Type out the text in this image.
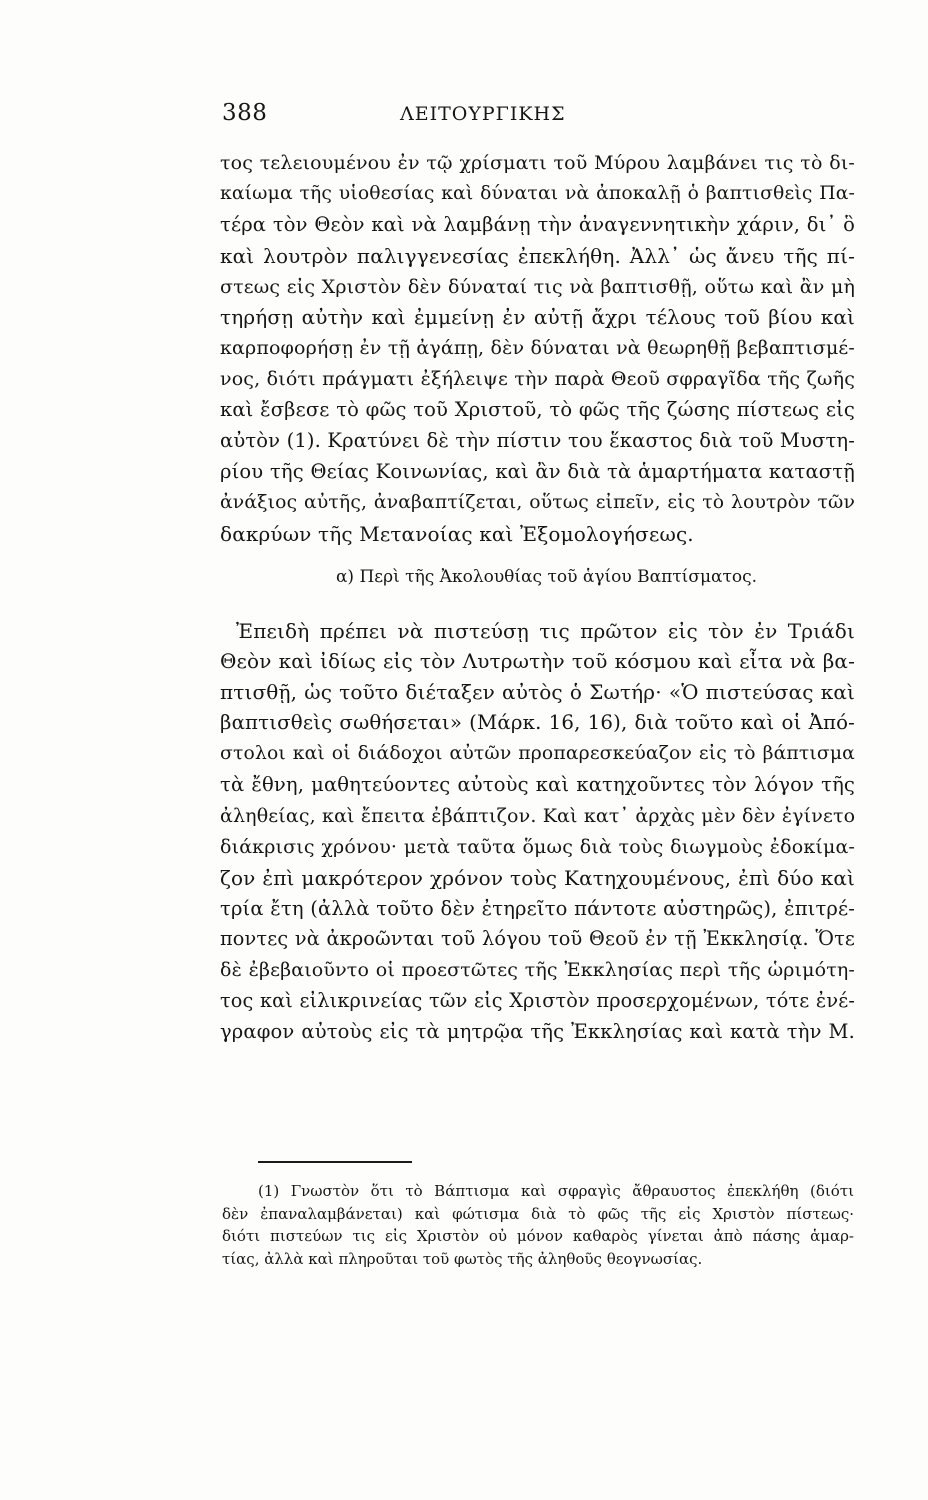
388	ΛΕΙΤΟΥΡΓΙΚΗΣ
τος τελειουμένου ἐν τῷ χρίσματι τοῦ Μύρου λαμβάνει τις τὸ δι-
καίωμα τῆς υἱοθεσίας καὶ δύναται νὰ ἀποκαλῇ ὁ βαπτισθεὶς Πα-
τέρα τὸν Θεὸν καὶ νὰ λαμβάνῃ τὴν ἀναγεννητικὴν χάριν, δι᾽ ὃ
καὶ λουτρὸν παλιγγενεσίας ἐπεκλήθη. Ἀλλ᾽ ὡς ἄνευ τῆς πί-
στεως εἰς Χριστὸν δὲν δύναταί τις νὰ βαπτισθῇ, οὕτω καὶ ἂν μὴ
τηρήσῃ αὐτὴν καὶ ἐμμείνῃ ἐν αὐτῇ ἄχρι τέλους τοῦ βίου καὶ
καρποφορήσῃ ἐν τῇ ἀγάπῃ, δὲν δύναται νὰ θεωρηθῇ βεβαπτισμέ-
νος, διότι πράγματι ἐξήλειψε τὴν παρὰ Θεοῦ σφραγῖδα τῆς ζωῆς
καὶ ἔσβεσε τὸ φῶς τοῦ Χριστοῦ, τὸ φῶς τῆς ζώσης πίστεως εἰς
αὐτὸν (1). Κρατύνει δὲ τὴν πίστιν του ἕκαστος διὰ τοῦ Μυστη-
ρίου τῆς Θείας Κοινωνίας, καὶ ἂν διὰ τὰ ἁμαρτήματα καταστῇ
ἀνάξιος αὐτῆς, ἀναβαπτίζεται, οὕτως εἰπεῖν, εἰς τὸ λουτρὸν τῶν
δακρύων τῆς Μετανοίας καὶ Ἐξομολογήσεως.
α) Περὶ τῆς Ἀκολουθίας τοῦ ἁγίου Βαπτίσματος.
Ἐπειδὴ πρέπει νὰ πιστεύσῃ τις πρῶτον εἰς τὸν ἐν Τριάδι
Θεὸν καὶ ἰδίως εἰς τὸν Λυτρωτὴν τοῦ κόσμου καὶ εἶτα νὰ βα-
πτισθῇ, ὡς τοῦτο διέταξεν αὐτὸς ὁ Σωτήρ· «Ὁ πιστεύσας καὶ
βαπτισθεὶς σωθήσεται» (Μάρκ. 16, 16), διὰ τοῦτο καὶ οἱ Ἀπό-
στολοι καὶ οἱ διάδοχοι αὐτῶν προπαρεσκεύαζον εἰς τὸ βάπτισμα
τὰ ἔθνη, μαθητεύοντες αὐτοὺς καὶ κατηχοῦντες τὸν λόγον τῆς
ἀληθείας, καὶ ἔπειτα ἐβάπτιζον. Καὶ κατ᾽ ἀρχὰς μὲν δὲν ἐγίνετο
διάκρισις χρόνου· μετὰ ταῦτα ὅμως διὰ τοὺς διωγμοὺς ἐδοκίμα-
ζον ἐπὶ μακρότερον χρόνον τοὺς Κατηχουμένους, ἐπὶ δύο καὶ
τρία ἔτη (ἀλλὰ τοῦτο δὲν ἐτηρεῖτο πάντοτε αὐστηρῶς), ἐπιτρέ-
ποντες νὰ ἀκροῶνται τοῦ λόγου τοῦ Θεοῦ ἐν τῇ Ἐκκλησίᾳ. Ὅτε
δὲ ἐβεβαιοῦντο οἱ προεστῶτες τῆς Ἐκκλησίας περὶ τῆς ὡριμότη-
τος καὶ εἰλικρινείας τῶν εἰς Χριστὸν προσερχομένων, τότε ἐνέ-
γραφον αὐτοὺς εἰς τὰ μητρῷα τῆς Ἐκκλησίας καὶ κατὰ τὴν Μ.
(1) Γνωστὸν ὅτι τὸ Βάπτισμα καὶ σφραγὶς ἄθραυστος ἐπεκλήθη (διότι
δὲν ἐπαναλαμβάνεται) καὶ φώτισμα διὰ τὸ φῶς τῆς εἰς Χριστὸν πίστεως·
διότι πιστεύων τις εἰς Χριστὸν οὐ μόνον καθαρὸς γίνεται ἀπὸ πάσης ἁμαρ-
τίας, ἀλλὰ καὶ πληροῦται τοῦ φωτὸς τῆς ἀληθοῦς θεογνωσίας.
